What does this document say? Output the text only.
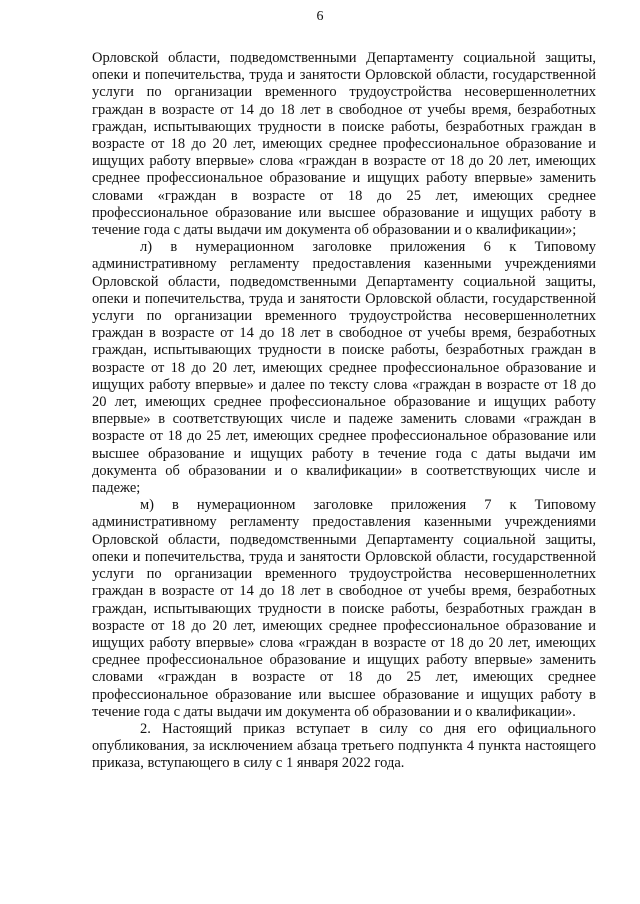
6

Орловской области, подведомственными Департаменту социальной защиты, опеки и попечительства, труда и занятости Орловской области, государственной услуги по организации временного трудоустройства несовершеннолетних граждан в возрасте от 14 до 18 лет в свободное от учебы время, безработных граждан, испытывающих трудности в поиске работы, безработных граждан в возрасте от 18 до 20 лет, имеющих среднее профессиональное образование и ищущих работу впервые» слова «граждан в возрасте от 18 до 20 лет, имеющих среднее профессиональное образование и ищущих работу впервые» заменить словами «граждан в возрасте от 18 до 25 лет, имеющих среднее профессиональное образование или высшее образование и ищущих работу в течение года с даты выдачи им документа об образовании и о квалификации»;

л) в нумерационном заголовке приложения 6 к Типовому административному регламенту предоставления казенными учреждениями Орловской области, подведомственными Департаменту социальной защиты, опеки и попечительства, труда и занятости Орловской области, государственной услуги по организации временного трудоустройства несовершеннолетних граждан в возрасте от 14 до 18 лет в свободное от учебы время, безработных граждан, испытывающих трудности в поиске работы, безработных граждан в возрасте от 18 до 20 лет, имеющих среднее профессиональное образование и ищущих работу впервые» и далее по тексту слова «граждан в возрасте от 18 до 20 лет, имеющих среднее профессиональное образование и ищущих работу впервые» в соответствующих числе и падеже заменить словами «граждан в возрасте от 18 до 25 лет, имеющих среднее профессиональное образование или высшее образование и ищущих работу в течение года с даты выдачи им документа об образовании и о квалификации» в соответствующих числе и падеже;

м) в нумерационном заголовке приложения 7 к Типовому административному регламенту предоставления казенными учреждениями Орловской области, подведомственными Департаменту социальной защиты, опеки и попечительства, труда и занятости Орловской области, государственной услуги по организации временного трудоустройства несовершеннолетних граждан в возрасте от 14 до 18 лет в свободное от учебы время, безработных граждан, испытывающих трудности в поиске работы, безработных граждан в возрасте от 18 до 20 лет, имеющих среднее профессиональное образование и ищущих работу впервые» слова «граждан в возрасте от 18 до 20 лет, имеющих среднее профессиональное образование и ищущих работу впервые» заменить словами «граждан в возрасте от 18 до 25 лет, имеющих среднее профессиональное образование или высшее образование и ищущих работу в течение года с даты выдачи им документа об образовании и о квалификации».

2. Настоящий приказ вступает в силу со дня его официального опубликования, за исключением абзаца третьего подпункта 4 пункта настоящего приказа, вступающего в силу с 1 января 2022 года.
